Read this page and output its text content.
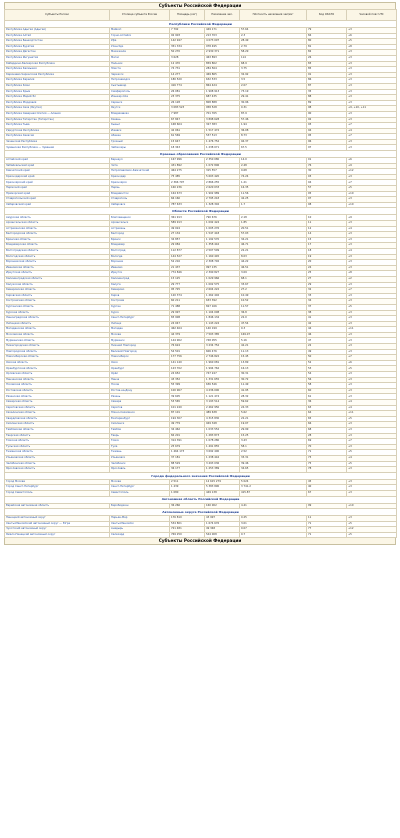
Субъекты Российской Федерации
Субъекты России	Столица субъекта России	Площадь (км²)	Население чел.	Плотность населения чел/км²	Код ОКАТО	Часовой пояс UTC
Республики Российской Федерации						
Республика Адыгея (Адыгея)	Майкоп	7 792	449 171	57.64	79	+3
Республика Алтай	Горно-Алтайск	92 903	213 703	2.3	84	+6
Республика Башкортостан	Уфа	142 947	4 073 097	28.49	80	+5
Республика Бурятия	Улан-Удэ	351 334	978 495	2.79	81	+8
Республика Дагестан	Махачкала	50 270	2 930 371	58.29	82	+3
Республика Ингушетия	Магас	3 628	463 893	114	26	+3
Кабардино-Балкарская Республика	Нальчик	12 470	859 802	68.9	83	+3
Республика Калмыкия	Элиста	74 731	284 564	3.75	85	+3
Карачаево-Черкесская Республика	Черкесск	14 277	469 865	32.92	91	+3
Республика Карелия	Петрозаводск	180 520	632 533	3.5	86	+3
Республика Коми	Сыктывкар	416 774	864 424	2.07	87	+3
Республика Крым	Симферополь	26 081	1 908 913	73.19	35	+3
Республика Марий Эл	Йошкар-Ола	23 375	687 435	29.41	88	+3
Республика Мордовия	Саранск	26 128	808 888	30.96	89	+3
Республика Саха (Якутия)	Якутск	3 083 523	958 528	0.31	98	+9, +10, +11
Республика Северная Осетия — Алания	Владикавказ	7 987	701 765	87.9	90	+3
Республика Татарстан (Татарстан)	Казань	67 847	3 898 628	57.46	92	+3
Республика Тыва	Кызыл	168 604	327 383	1.94	93	+7
Удмуртская Республика	Ижевск	42 061	1 517 472	36.08	94	+4
Республика Хакасия	Абакан	61 569	537 513	8.73	95	+7
Чеченская Республика	Грозный	15 647	1 476 752	94.37	96	+3
Чувашская Республика — Чувашия	Чебоксары	18 343	1 238 071	67.5	97	+3
Краевые образования Российской Федерации						
Алтайский край	Барнаул	167 996	2 350 080	14.0	01	+6
Забайкальский край	Чита	431 892	1 072 806	2.48	76	+9
Камчатский край	Петропавловск-Камчатский	464 275	315 557	0.68	30	+12
Краснодарский край	Краснодар	75 485	5 603 420	74.24	03	+3
Красноярский край	Красноярск	2 366 797	2 866 255	1.21	04	+7
Пермский край	Пермь	160 236	2 620 033	16.35	57	+5
Приморский край	Владивосток	164 673	1 902 989	11.56	05	+10
Ставропольский край	Ставрополь	66 160	2 795 243	42.25	07	+3
Хабаровский край	Хабаровск	787 633	1 328 302	1.7	08	+10
Области Российской Федерации						
Амурская область	Благовещенск	361 913	790 676	2.18	10	+9
Архангельская область	Архангельск	589 913	1 092 424	1.85	11	+3
Астраханская область	Астрахань	49 024	1 005 276	20.51	12	+4
Белгородская область	Белгород	27 134	1 547 418	57.03	14	+3
Брянская область	Брянск	34 857	1 192 570	34.21	15	+3
Владимирская область	Владимир	29 084	1 358 416	46.71	17	+3
Волгоградская область	Волгоград	112 877	2 507 509	22.21	18	+4
Вологодская область	Вологда	144 527	1 160 445	8.03	19	+3
Воронежская область	Воронеж	52 216	2 308 792	44.22	20	+3
Ивановская область	Иваново	21 437	997 135	46.51	24	+3
Иркутская область	Иркутск	774 846	2 390 827	3.09	25	+8
Калининградская область	Калининград	15 125	1 029 966	68.1	27	+2
Калужская область	Калуга	29 777	1 002 575	33.67	29	+3
Кемеровская область	Кемерово	95 725	2 604 222	27.2	32	+7
Кировская область	Киров	120 374	1 262 402	10.49	33	+3
Костромская область	Кострома	60 211	633 392	10.52	34	+3
Курганская область	Курган	71 488	827 166	11.57	37	+5
Курская область	Курск	29 997	1 104 008	36.8	38	+3
Ленинградская область	Санкт-Петербург	83 908	1 846 134	22.0	41	+3
Липецкая область	Липецк	24 047	1 143 224	47.54	42	+3
Магаданская область	Магадан	462 464	140 199	0.3	44	+11
Московская область	Москва	44 379	7 503 385	169.07	46	+3
Мурманская область	Мурманск	144 902	748 055	5.16	47	+3
Нижегородская область	Нижний Новгород	76 624	3 234 752	42.21	22	+3
Новгородская область	Великий Новгород	54 501	606 476	11.13	49	+3
Новосибирская область	Новосибирск	177 756	2 746 822	15.45	50	+7
Омская область	Омск	141 140	1 960 081	13.89	52	+6
Оренбургская область	Оренбург	123 702	1 994 762	16.13	53	+5
Орловская область	Орёл	24 652	747 247	30.31	54	+3
Пензенская область	Пенза	43 352	1 331 655	30.72	56	+3
Псковская область	Псков	55 399	636 546	11.49	58	+3
Ростовская область	Ростов-на-Дону	100 967	4 236 000	41.95	60	+3
Рязанская область	Рязань	39 605	1 121 474	28.32	61	+3
Самарская область	Самара	53 565	3 193 514	59.62	36	+4
Саратовская область	Саратов	101 240	2 462 950	24.33	63	+4
Сахалинская область	Южно-Сахалинск	87 101	489 638	5.62	64	+11
Свердловская область	Екатеринбург	194 307	4 315 830	22.21	65	+5
Смоленская область	Смоленск	49 779	949 348	19.07	66	+3
Тамбовская область	Тамбов	34 462	1 033 552	29.99	68	+3
Тверская область	Тверь	84 201	1 283 873	15.25	28	+3
Томская область	Томск	314 391	1 078 280	3.43	69	+7
Тульская область	Тула	25 679	1 491 855	58.1	70	+3
Тюменская область	Тюмень	1 464 173	3 692 400	2.52	71	+5
Ульяновская область	Ульяновск	37 181	1 238 416	33.31	73	+4
Челябинская область	Челябинск	88 529	3 493 036	39.46	75	+5
Ярославская область	Ярославль	36 177	1 253 389	34.65	78	+3
Города федерального значения Российской Федерации						
Город Москва	Москва	2 511	12 615 279	5 024	45	+3
Город Санкт-Петербург	Санкт-Петербург	1 439	5 383 890	3 741.2	40	+3
Город Севастополь	Севастополь	1 080	449 138	415.87	67	+3
Автономная область Российской Федерации						
Еврейская автономная область	Биробиджан	36 266	160 002	4.41	99	+10
Автономные округа Российской Федерации						
Ненецкий автономный округ	Нарьян-Мар	176 810	43 997	0.25	11	+3
Ханты-Мансийский автономный округ — Югра	Ханты-Мансийск	534 801	1 674 676	3.01	71	+5
Чукотский автономный округ	Анадырь	721 481	49 348	0.07	77	+12
Ямало-Ненецкий автономный округ	Салехард	769 250	544 008	0.7	71	+5
Субъекты Российской Федерации
